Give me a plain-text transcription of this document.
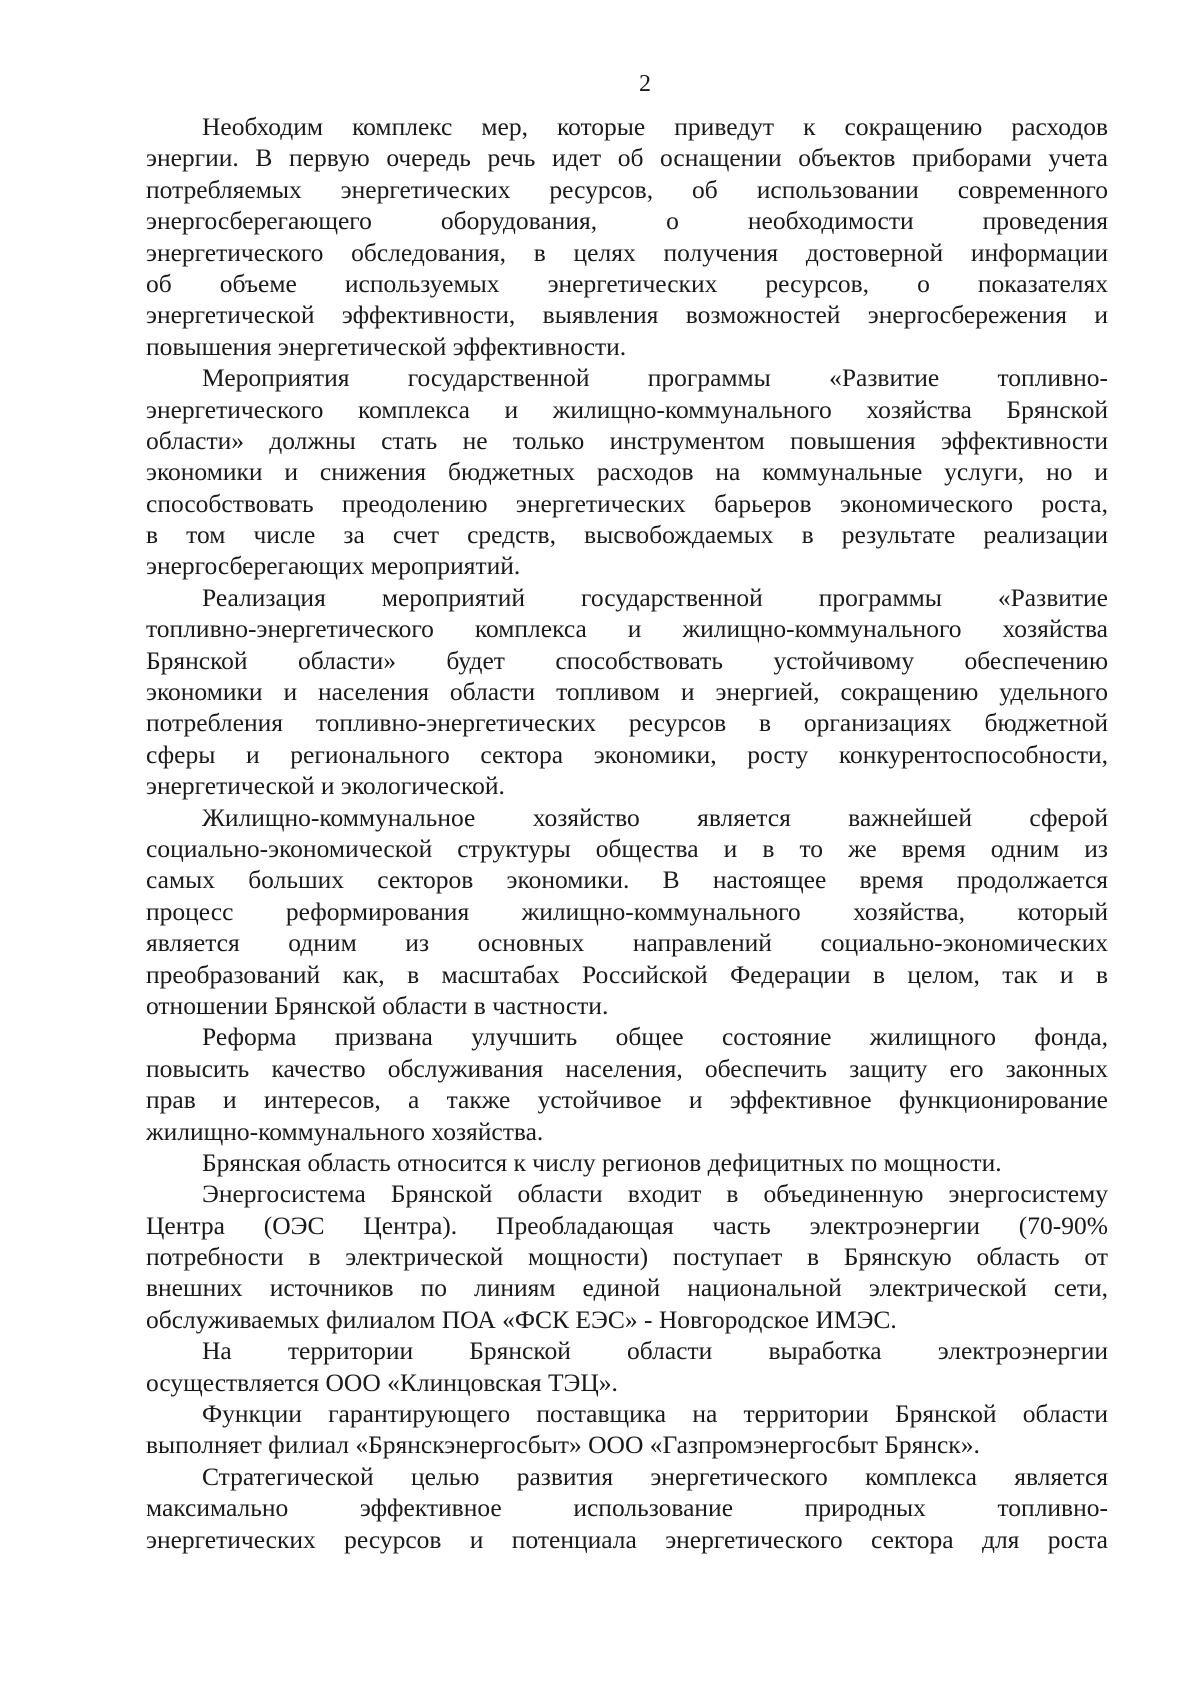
2
Необходим комплекс мер, которые приведут к сокращению расходов
энергии. В первую очередь речь идет об оснащении объектов приборами учета
потребляемых энергетических ресурсов, об использовании современного
энергосберегающего оборудования, о необходимости проведения
энергетического обследования, в целях получения достоверной информации
об объеме используемых энергетических ресурсов, о показателях
энергетической эффективности, выявления возможностей энергосбережения и
повышения энергетической эффективности.
Мероприятия государственной программы «Развитие топливно-
энергетического комплекса и жилищно-коммунального хозяйства Брянской
области» должны стать не только инструментом повышения эффективности
экономики и снижения бюджетных расходов на коммунальные услуги, но и
способствовать преодолению энергетических барьеров экономического роста,
в том числе за счет средств, высвобождаемых в результате реализации
энергосберегающих мероприятий.
Реализация мероприятий государственной программы «Развитие
топливно-энергетического комплекса и жилищно-коммунального хозяйства
Брянской области» будет способствовать устойчивому обеспечению
экономики и населения области топливом и энергией, сокращению удельного
потребления топливно-энергетических ресурсов в организациях бюджетной
сферы и регионального сектора экономики, росту конкурентоспособности,
энергетической и экологической.
Жилищно-коммунальное хозяйство является важнейшей сферой
социально-экономической структуры общества и в то же время одним из
самых больших секторов экономики. В настоящее время продолжается
процесс реформирования жилищно-коммунального хозяйства, который
является одним из основных направлений социально-экономических
преобразований как, в масштабах Российской Федерации в целом, так и в
отношении Брянской области в частности.
Реформа призвана улучшить общее состояние жилищного фонда,
повысить качество обслуживания населения, обеспечить защиту его законных
прав и интересов, а также устойчивое и эффективное функционирование
жилищно-коммунального хозяйства.
Брянская область относится к числу регионов дефицитных по мощности.
Энергосистема Брянской области входит в объединенную энергосистему
Центра (ОЭС Центра). Преобладающая часть электроэнергии (70-90%
потребности в электрической мощности) поступает в Брянскую область от
внешних источников по линиям единой национальной электрической сети,
обслуживаемых филиалом ПОА «ФСК ЕЭС» - Новгородское ИМЭС.
На территории Брянской области выработка электроэнергии
осуществляется ООО «Клинцовская ТЭЦ».
Функции гарантирующего поставщика на территории Брянской области
выполняет филиал «Брянскэнергосбыт» ООО «Газпромэнергосбыт Брянск».
Стратегической целью развития энергетического комплекса является
максимально эффективное использование природных топливно-
энергетических ресурсов и потенциала энергетического сектора для роста
